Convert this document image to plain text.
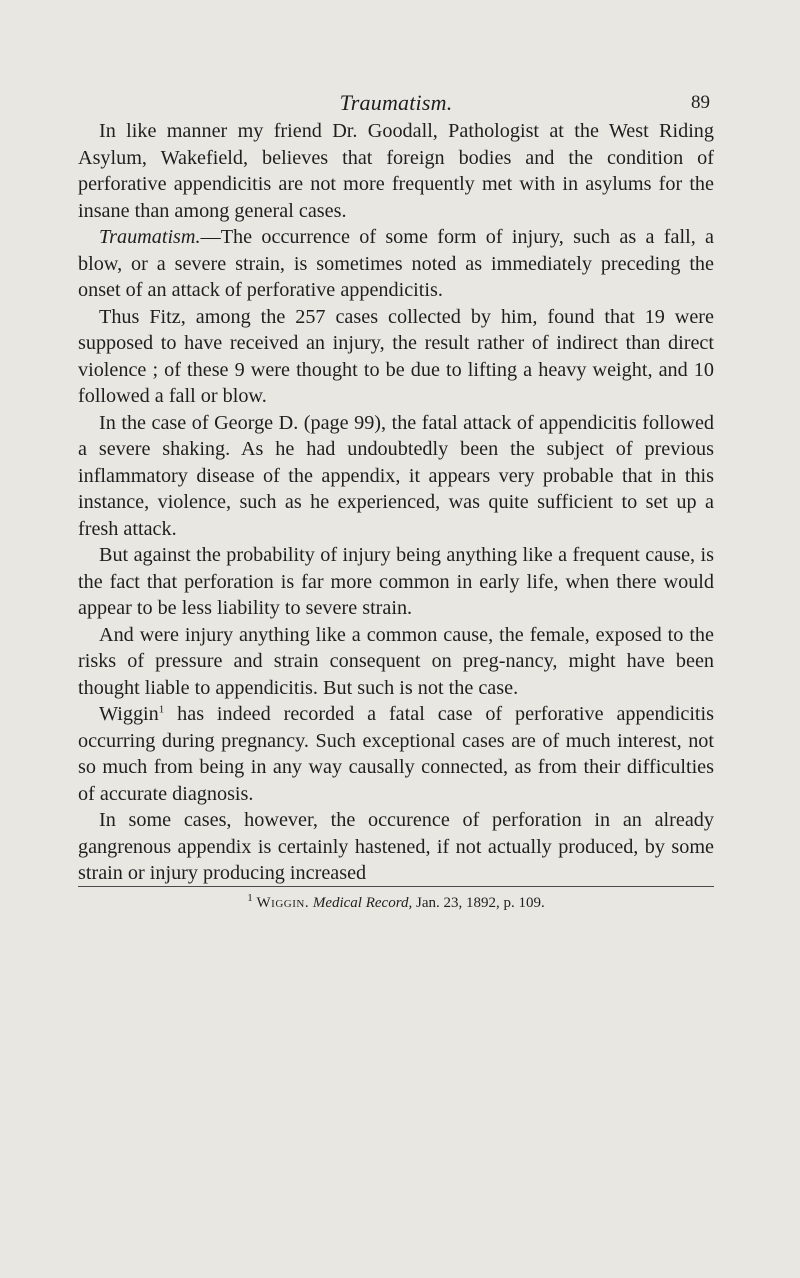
Traumatism.	89

In like manner my friend Dr. Goodall, Pathologist at the West Riding Asylum, Wakefield, believes that foreign bodies and the condition of perforative appendicitis are not more frequently met with in asylums for the insane than among general cases.

Traumatism.—The occurrence of some form of injury, such as a fall, a blow, or a severe strain, is sometimes noted as immediately preceding the onset of an attack of perforative appendicitis.

Thus Fitz, among the 257 cases collected by him, found that 19 were supposed to have received an injury, the result rather of indirect than direct violence ; of these 9 were thought to be due to lifting a heavy weight, and 10 followed a fall or blow.

In the case of George D. (page 99), the fatal attack of appendicitis followed a severe shaking. As he had undoubtedly been the subject of previous inflammatory disease of the appendix, it appears very probable that in this instance, violence, such as he experienced, was quite sufficient to set up a fresh attack.

But against the probability of injury being anything like a frequent cause, is the fact that perforation is far more common in early life, when there would appear to be less liability to severe strain.

And were injury anything like a common cause, the female, exposed to the risks of pressure and strain consequent on preg-nancy, might have been thought liable to appendicitis. But such is not the case.

Wiggin$^1$ has indeed recorded a fatal case of perforative appendicitis occurring during pregnancy. Such exceptional cases are of much interest, not so much from being in any way causally connected, as from their difficulties of accurate diagnosis.

In some cases, however, the occurence of perforation in an already gangrenous appendix is certainly hastened, if not actually produced, by some strain or injury producing increased

$^1$ Wiggin. Medical Record, Jan. 23, 1892, p. 109.
